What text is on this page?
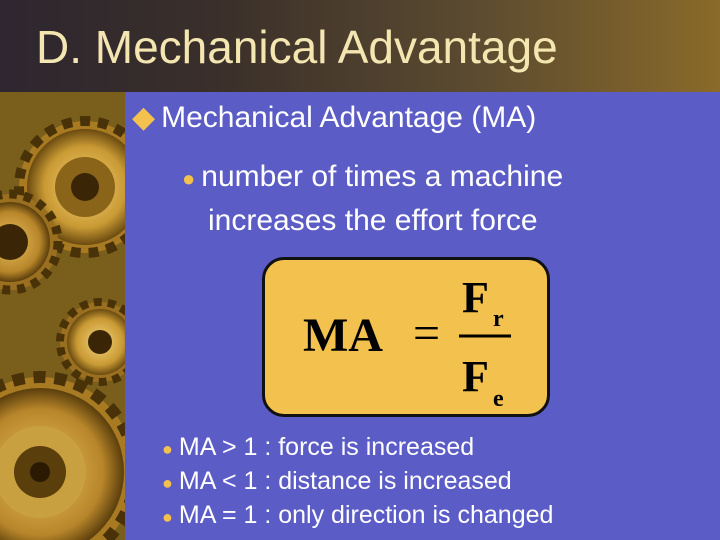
D. Mechanical Advantage
◆ Mechanical Advantage (MA)
● number of times a machine
increases the effort force
MA =
F r
F e
● MA > 1 : force is increased
● MA < 1 : distance is increased
● MA = 1 : only direction is changed
